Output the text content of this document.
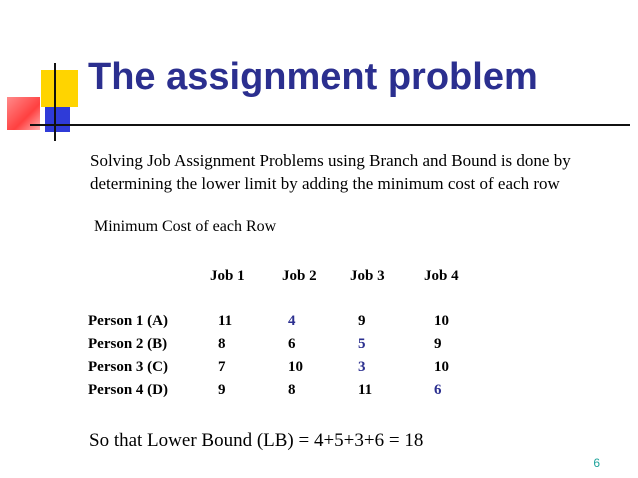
The assignment problem
Solving Job Assignment Problems using Branch and Bound is done by determining the lower limit by adding the minimum cost of each row
Minimum Cost of each Row
	Job 1	Job 2	Job 3	Job 4

Person 1 (A)	11	4	9	10
Person 2 (B)	8	6	5	9
Person 3 (C)	7	10	3	10
Person 4 (D)	9	8	11	6
So that Lower Bound (LB) = 4+5+3+6 = 18
6
